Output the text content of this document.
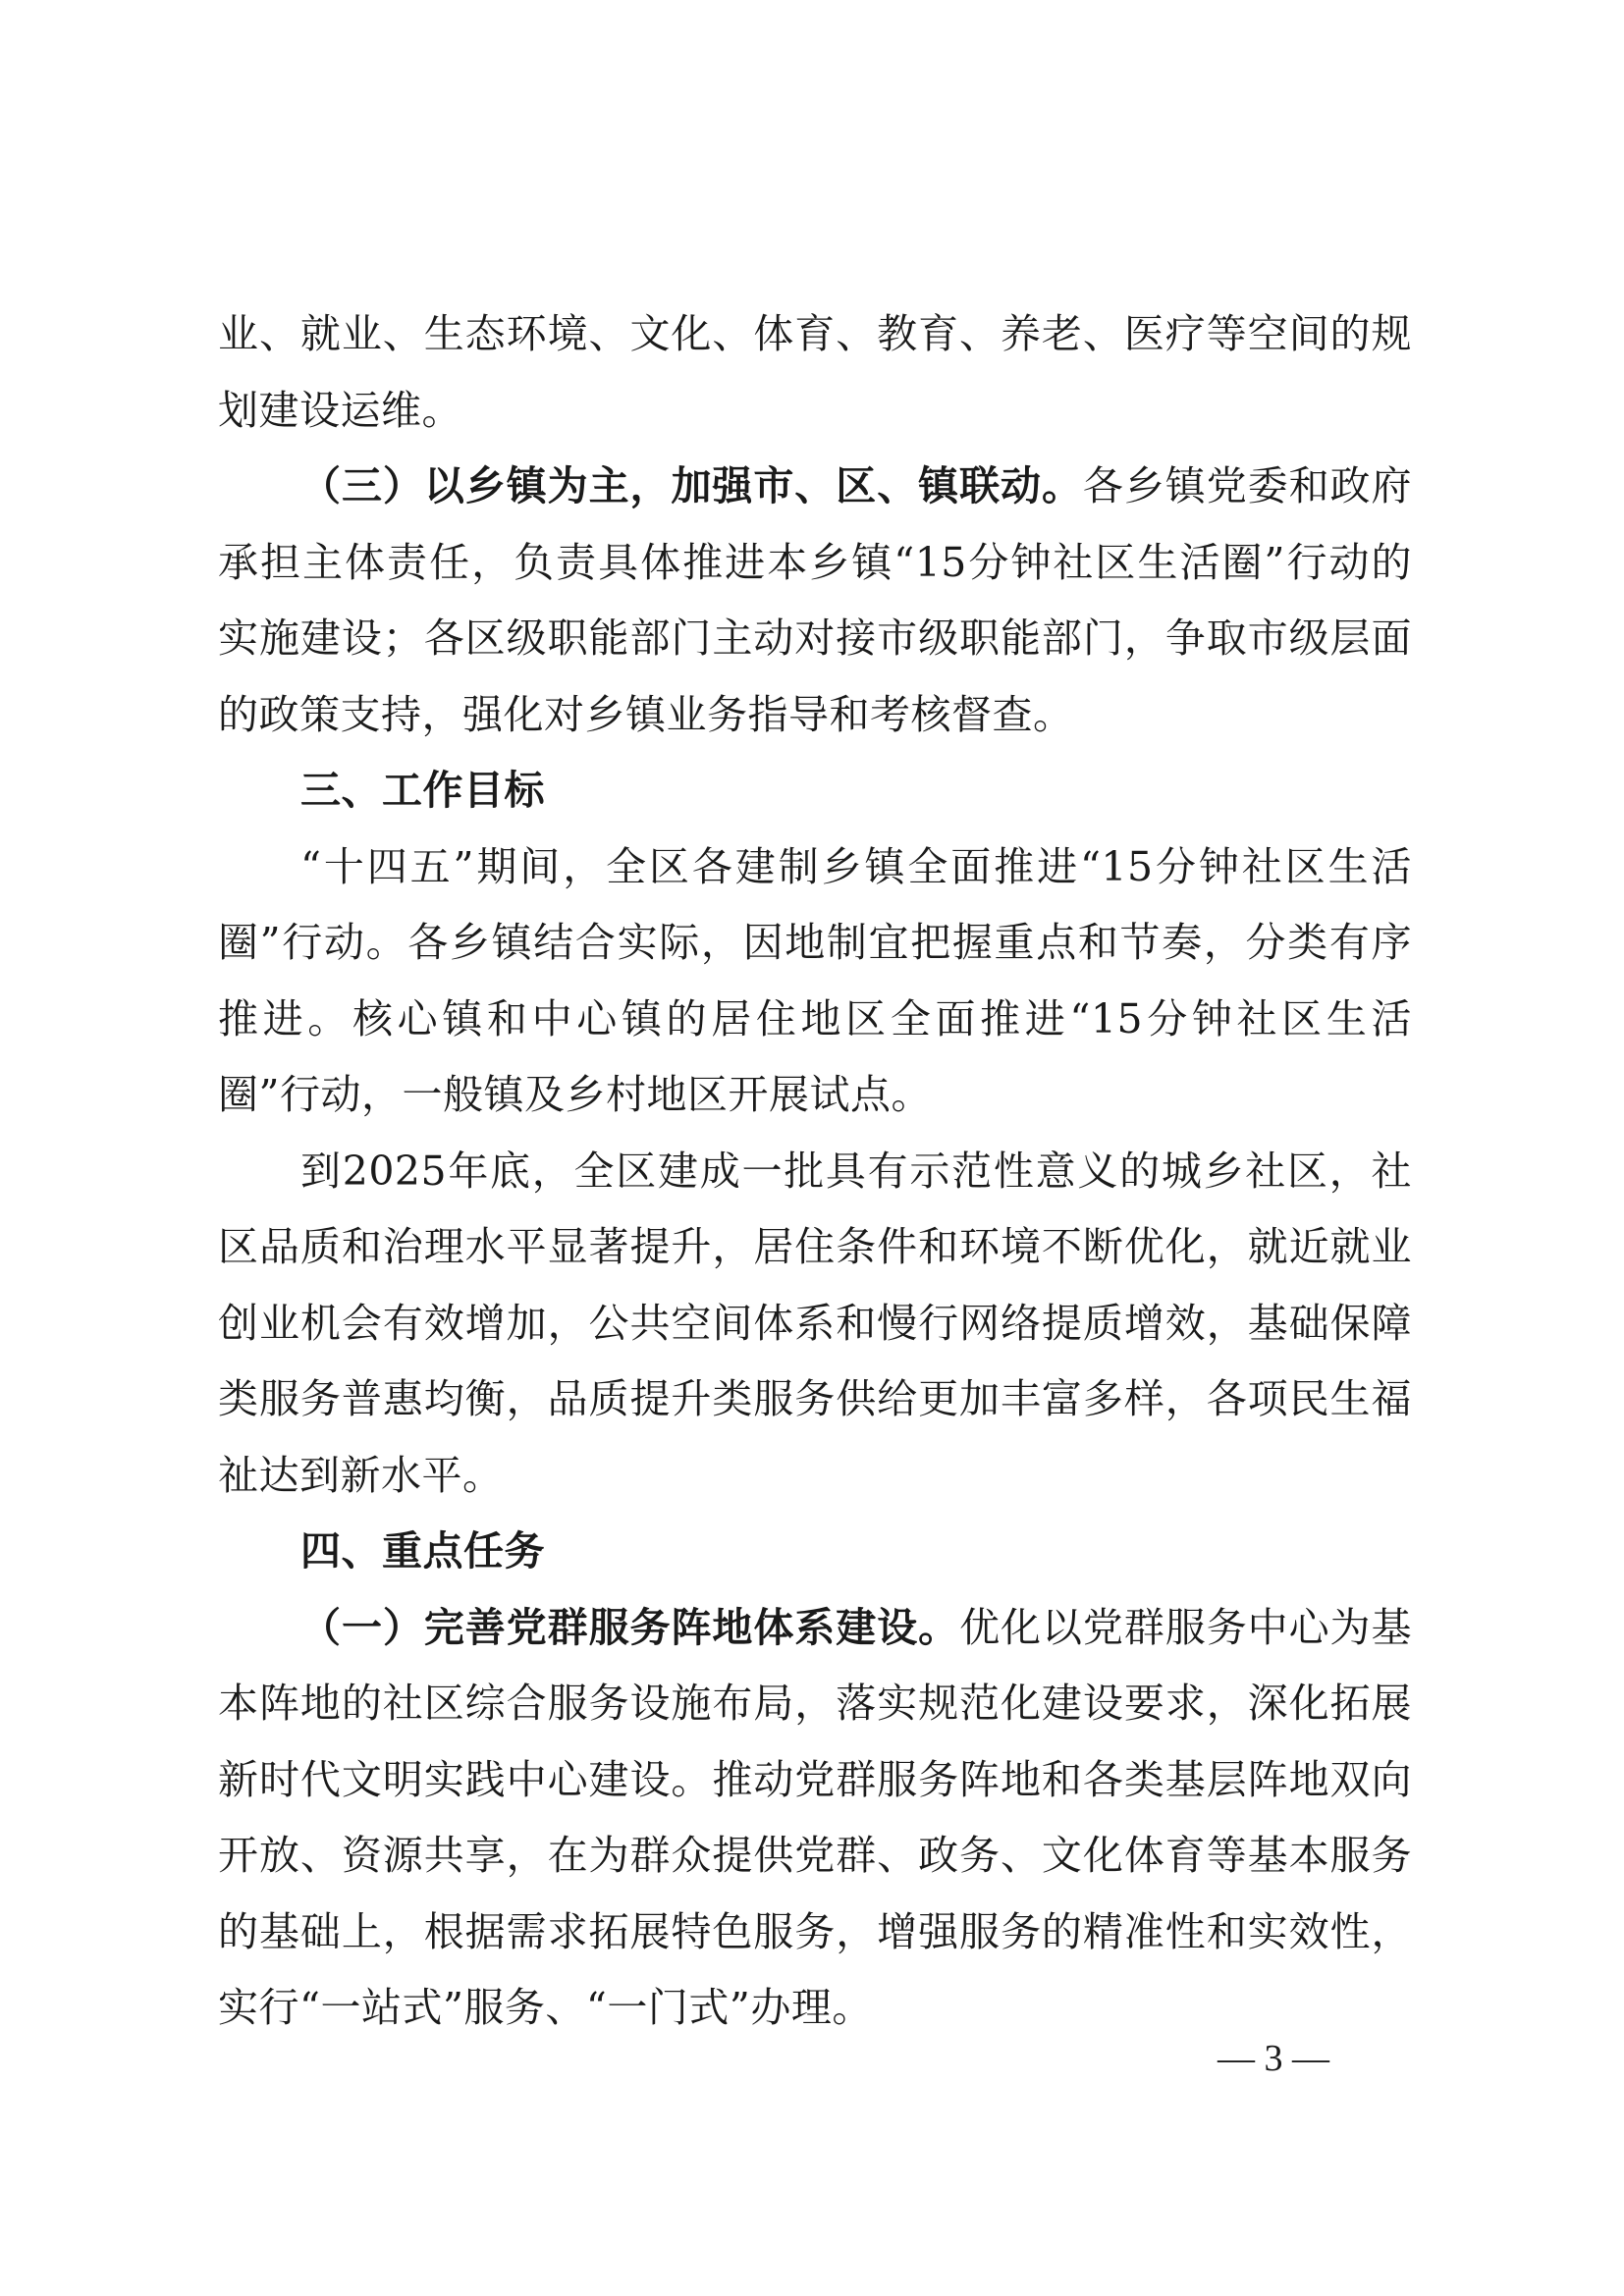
业、就业、生态环境、文化、体育、教育、养老、医疗等空间的规划建设运维。

（三）以乡镇为主，加强市、区、镇联动。各乡镇党委和政府承担主体责任，负责具体推进本乡镇“15分钟社区生活圈”行动的实施建设；各区级职能部门主动对接市级职能部门，争取市级层面的政策支持，强化对乡镇业务指导和考核督查。

三、工作目标

“十四五”期间，全区各建制乡镇全面推进“15分钟社区生活圈”行动。各乡镇结合实际，因地制宜把握重点和节奏，分类有序推进。核心镇和中心镇的居住地区全面推进“15分钟社区生活圈”行动，一般镇及乡村地区开展试点。

到2025年底，全区建成一批具有示范性意义的城乡社区，社区品质和治理水平显著提升，居住条件和环境不断优化，就近就业创业机会有效增加，公共空间体系和慢行网络提质增效，基础保障类服务普惠均衡，品质提升类服务供给更加丰富多样，各项民生福祉达到新水平。

四、重点任务

（一）完善党群服务阵地体系建设。优化以党群服务中心为基本阵地的社区综合服务设施布局，落实规范化建设要求，深化拓展新时代文明实践中心建设。推动党群服务阵地和各类基层阵地双向开放、资源共享，在为群众提供党群、政务、文化体育等基本服务的基础上，根据需求拓展特色服务，增强服务的精准性和实效性，实行“一站式”服务、“一门式”办理。

— 3 —
